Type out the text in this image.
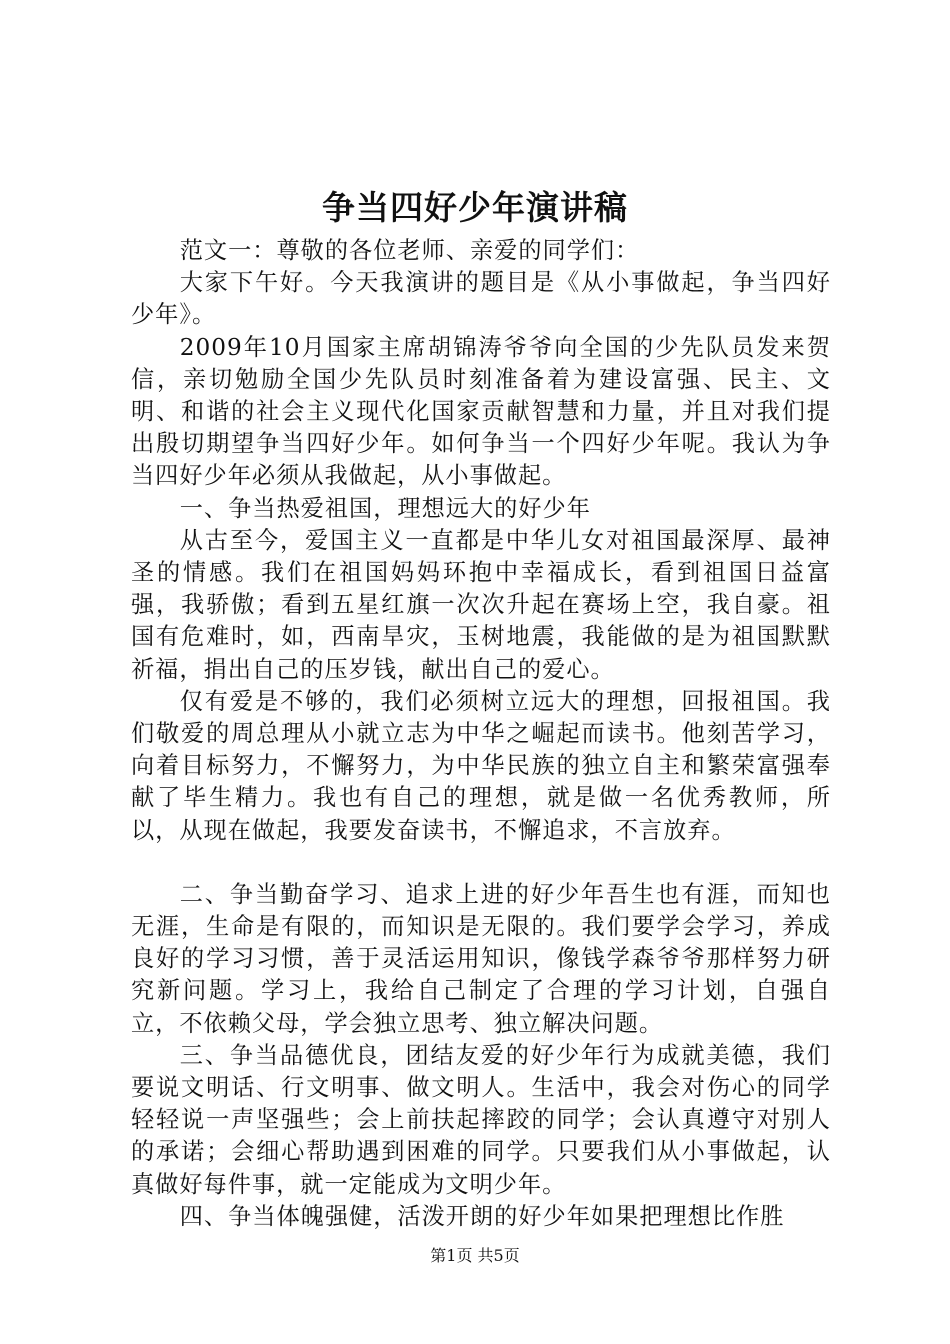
争当四好少年演讲稿

范文一：尊敬的各位老师、亲爱的同学们：

大家下午好。今天我演讲的题目是《从小事做起，争当四好少年》。

2009年10月国家主席胡锦涛爷爷向全国的少先队员发来贺信，亲切勉励全国少先队员时刻准备着为建设富强、民主、文明、和谐的社会主义现代化国家贡献智慧和力量，并且对我们提出殷切期望争当四好少年。如何争当一个四好少年呢。我认为争当四好少年必须从我做起，从小事做起。

一、争当热爱祖国，理想远大的好少年

从古至今，爱国主义一直都是中华儿女对祖国最深厚、最神圣的情感。我们在祖国妈妈环抱中幸福成长，看到祖国日益富强，我骄傲；看到五星红旗一次次升起在赛场上空，我自豪。祖国有危难时，如，西南旱灾，玉树地震，我能做的是为祖国默默祈福，捐出自己的压岁钱，献出自己的爱心。

仅有爱是不够的，我们必须树立远大的理想，回报祖国。我们敬爱的周总理从小就立志为中华之崛起而读书。他刻苦学习，向着目标努力，不懈努力，为中华民族的独立自主和繁荣富强奉献了毕生精力。我也有自己的理想，就是做一名优秀教师，所以，从现在做起，我要发奋读书，不懈追求，不言放弃。

二、争当勤奋学习、追求上进的好少年吾生也有涯，而知也无涯，生命是有限的，而知识是无限的。我们要学会学习，养成良好的学习习惯，善于灵活运用知识，像钱学森爷爷那样努力研究新问题。学习上，我给自己制定了合理的学习计划，自强自立，不依赖父母，学会独立思考、独立解决问题。

三、争当品德优良，团结友爱的好少年行为成就美德，我们要说文明话、行文明事、做文明人。生活中，我会对伤心的同学轻轻说一声坚强些；会上前扶起摔跤的同学；会认真遵守对别人的承诺；会细心帮助遇到困难的同学。只要我们从小事做起，认真做好每件事，就一定能成为文明少年。

四、争当体魄强健，活泼开朗的好少年如果把理想比作胜

第1页 共5页
